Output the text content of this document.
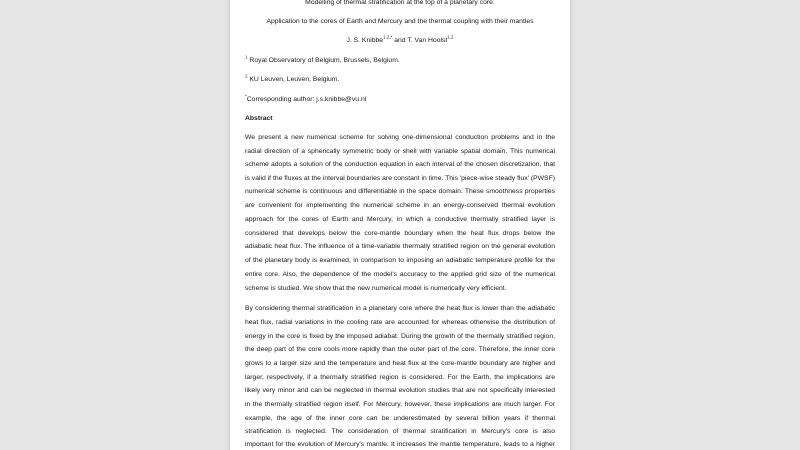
Modelling of thermal stratification at the top of a planetary core:
Application to the cores of Earth and Mercury and the thermal coupling with their mantles
J. S. Knibbe$^{1,2,*}$ and T. Van Hoolst$^{1,2}$
$^1$ Royal Observatory of Belgium, Brussels, Belgium.
$^2$ KU Leuven, Leuven, Belgium.
*Corresponding author: j.s.knibbe@vu.nl
Abstract
We present a new numerical scheme for solving one-dimensional conduction problems and in the
radial direction of a spherically symmetric body or shell with variable spatial domain. This numerical
scheme adopts a solution of the conduction equation in each interval of the chosen discretization, that
is valid if the fluxes at the interval boundaries are constant in time. This 'piece-wise steady flux' (PWSF)
numerical scheme is continuous and differentiable in the space domain. These smoothness properties
are convenient for implementing the numerical scheme in an energy-conserved thermal evolution
approach for the cores of Earth and Mercury, in which a conductive thermally stratified layer is
considered that develops below the core-mantle boundary when the heat flux drops below the
adiabatic heat flux. The influence of a time-variable thermally stratified region on the general evolution
of the planetary body is examined, in comparison to imposing an adiabatic temperature profile for the
entire core. Also, the dependence of the model's accuracy to the applied grid size of the numerical
scheme is studied. We show that the new numerical model is numerically very efficient.
By considering thermal stratification in a planetary core where the heat flux is lower than the adiabatic
heat flux, radial variations in the cooling rate are accounted for whereas otherwise the distribution of
energy in the core is fixed by the imposed adiabat. During the growth of the thermally stratified region,
the deep part of the core cools more rapidly than the outer part of the core. Therefore, the inner core
grows to a larger size and the temperature and heat flux at the core-mantle boundary are higher and
larger, respectively, if a thermally stratified region is considered. For the Earth, the implications are
likely very minor and can be neglected in thermal evolution studies that are not specifically interested
in the thermally stratified region itself. For Mercury, however, these implications are much larger. For
example, the age of the inner core can be underestimated by several billion years if thermal
stratification is neglected. The consideration of thermal stratification in Mercury's core is also
important for the evolution of Mercury's mantle. It increases the mantle temperature, leads to a higher
